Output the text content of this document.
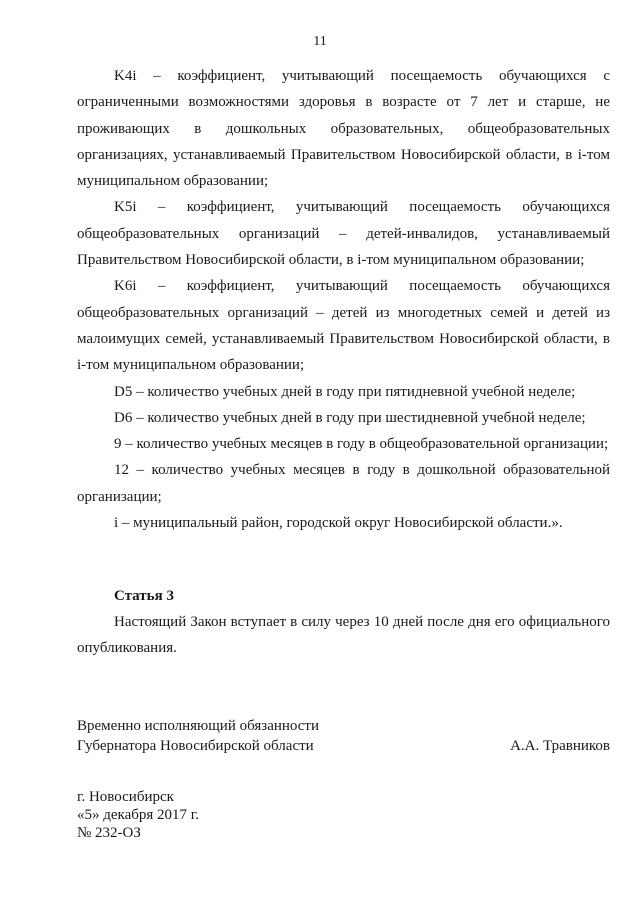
11

K4i – коэффициент, учитывающий посещаемость обучающихся с ограниченными возможностями здоровья в возрасте от 7 лет и старше, не проживающих в дошкольных образовательных, общеобразовательных организациях, устанавливаемый Правительством Новосибирской области, в i-том муниципальном образовании;

K5i – коэффициент, учитывающий посещаемость обучающихся общеобразовательных организаций – детей-инвалидов, устанавливаемый Правительством Новосибирской области, в i-том муниципальном образовании;

K6i – коэффициент, учитывающий посещаемость обучающихся общеобразовательных организаций – детей из многодетных семей и детей из малоимущих семей, устанавливаемый Правительством Новосибирской области, в i-том муниципальном образовании;

D5 – количество учебных дней в году при пятидневной учебной неделе;

D6 – количество учебных дней в году при шестидневной учебной неделе;

9 – количество учебных месяцев в году в общеобразовательной организации;

12 – количество учебных месяцев в году в дошкольной образовательной организации;

i – муниципальный район, городской округ Новосибирской области.».

Статья 3

Настоящий Закон вступает в силу через 10 дней после дня его официального опубликования.

Временно исполняющий обязанности
Губернатора Новосибирской области	А.А. Травников
г. Новосибирск
«5» декабря 2017 г.
№ 232-ОЗ
